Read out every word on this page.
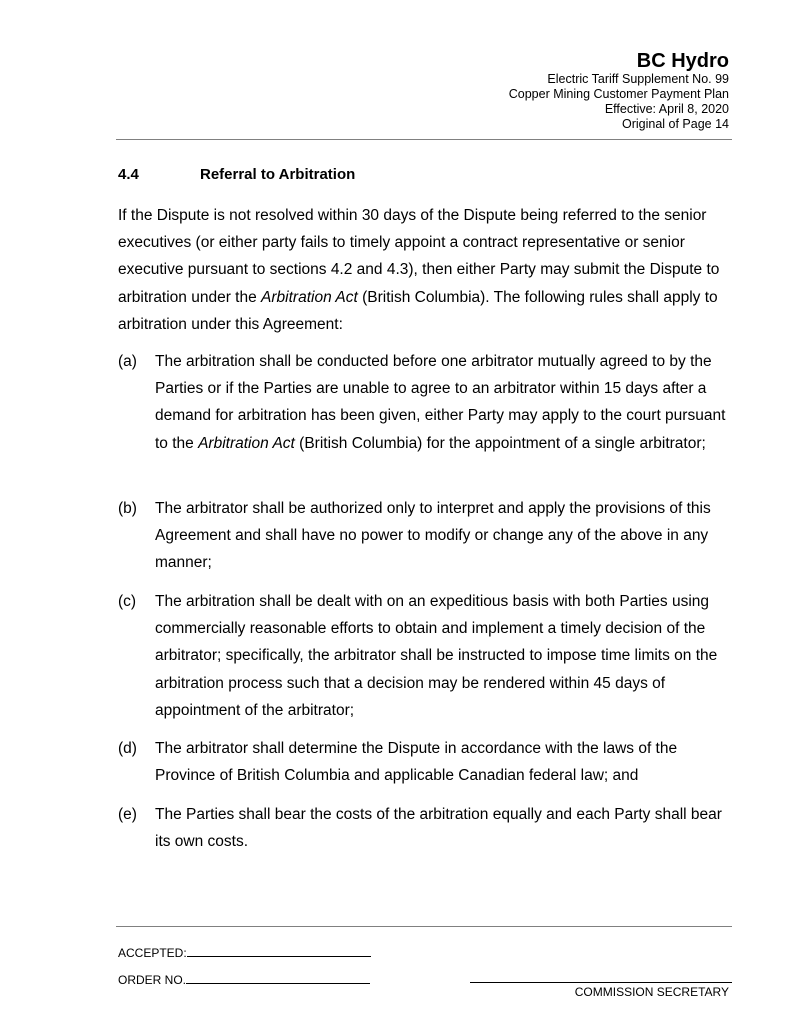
BC Hydro
Electric Tariff Supplement No. 99
Copper Mining Customer Payment Plan
Effective: April 8, 2020
Original of Page 14
4.4	Referral to Arbitration
If the Dispute is not resolved within 30 days of the Dispute being referred to the senior executives (or either party fails to timely appoint a contract representative or senior executive pursuant to sections 4.2 and 4.3), then either Party may submit the Dispute to arbitration under the Arbitration Act (British Columbia). The following rules shall apply to arbitration under this Agreement:
(a) The arbitration shall be conducted before one arbitrator mutually agreed to by the Parties or if the Parties are unable to agree to an arbitrator within 15 days after a demand for arbitration has been given, either Party may apply to the court pursuant to the Arbitration Act (British Columbia) for the appointment of a single arbitrator;
(b) The arbitrator shall be authorized only to interpret and apply the provisions of this Agreement and shall have no power to modify or change any of the above in any manner;
(c) The arbitration shall be dealt with on an expeditious basis with both Parties using commercially reasonable efforts to obtain and implement a timely decision of the arbitrator; specifically, the arbitrator shall be instructed to impose time limits on the arbitration process such that a decision may be rendered within 45 days of appointment of the arbitrator;
(d) The arbitrator shall determine the Dispute in accordance with the laws of the Province of British Columbia and applicable Canadian federal law; and
(e) The Parties shall bear the costs of the arbitration equally and each Party shall bear its own costs.
ACCEPTED:
ORDER NO.
COMMISSION SECRETARY
